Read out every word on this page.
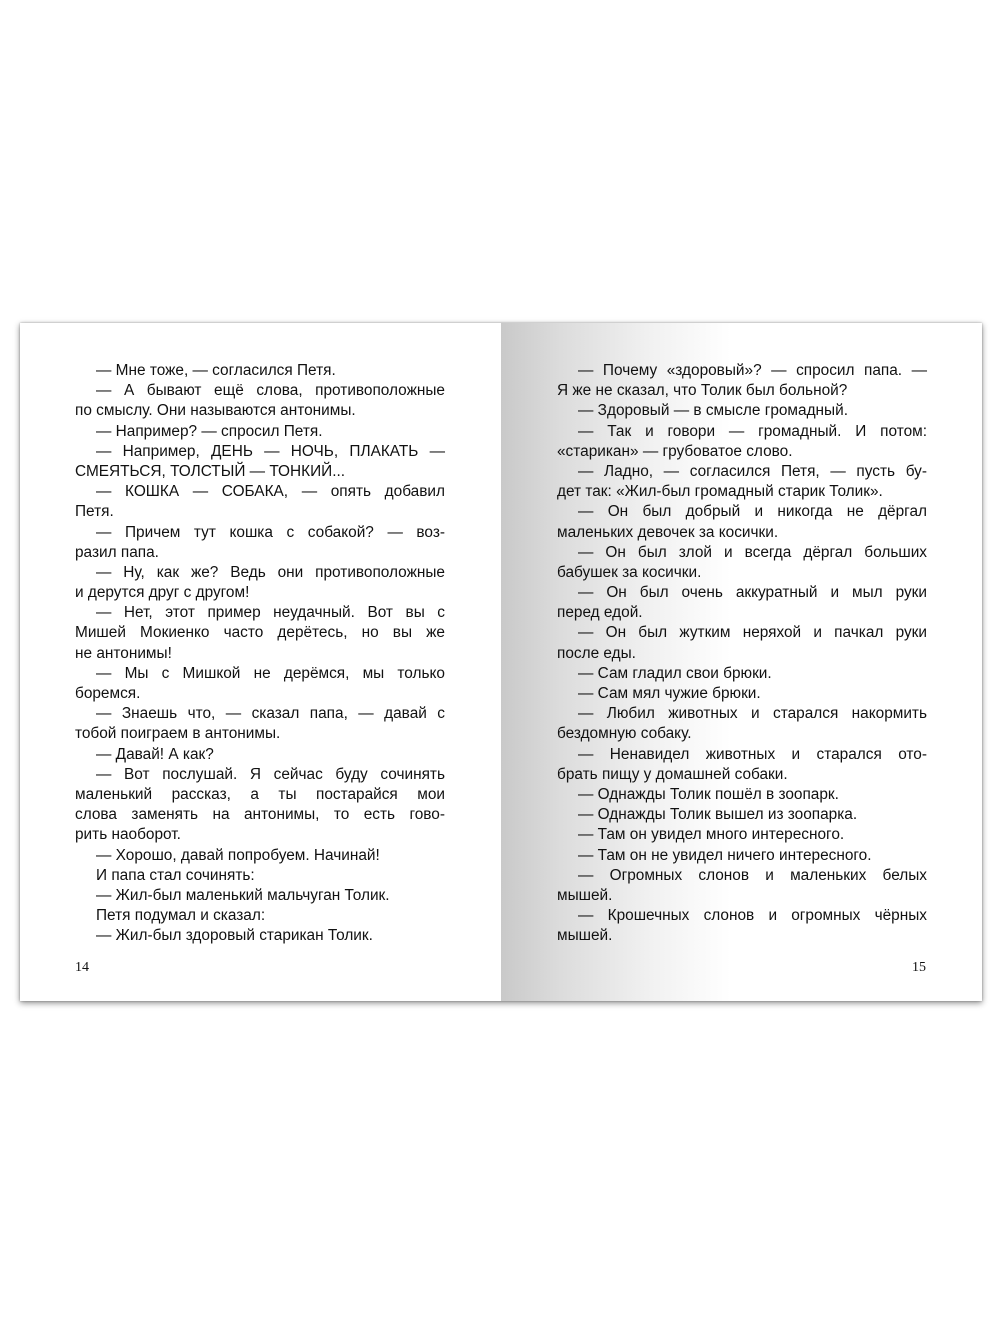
— Мне тоже, — согласился Петя.
— А бывают ещё слова, противоположные
по смыслу. Они называются антонимы.
— Например? — спросил Петя.
— Например, ДЕНЬ — НОЧЬ, ПЛАКАТЬ —
СМЕЯТЬСЯ, ТОЛСТЫЙ — ТОНКИЙ...
— КОШКА — СОБАКА, — опять добавил
Петя.
— Причем тут кошка с собакой? — воз-
разил папа.
— Ну, как же? Ведь они противоположные
и дерутся друг с другом!
— Нет, этот пример неудачный. Вот вы с
Мишей Мокиенко часто дерётесь, но вы же
не антонимы!
— Мы с Мишкой не дерёмся, мы только
боремся.
— Знаешь что, — сказал папа, — давай с
тобой поиграем в антонимы.
— Давай! А как?
— Вот послушай. Я сейчас буду сочинять
маленький рассказ, а ты постарайся мои
слова заменять на антонимы, то есть гово-
рить наоборот.
— Хорошо, давай попробуем. Начинай!
И папа стал сочинять:
— Жил-был маленький мальчуган Толик.
Петя подумал и сказал:
— Жил-был здоровый старикан Толик.
14
— Почему «здоровый»? — спросил папа. —
Я же не сказал, что Толик был больной?
— Здоровый — в смысле громадный.
— Так и говори — громадный. И потом:
«старикан» — грубоватое слово.
— Ладно, — согласился Петя, — пусть бу-
дет так: «Жил-был громадный старик Толик».
— Он был добрый и никогда не дёргал
маленьких девочек за косички.
— Он был злой и всегда дёргал больших
бабушек за косички.
— Он был очень аккуратный и мыл руки
перед едой.
— Он был жутким неряхой и пачкал руки
после еды.
— Сам гладил свои брюки.
— Сам мял чужие брюки.
— Любил животных и старался накормить
бездомную собаку.
— Ненавидел животных и старался ото-
брать пищу у домашней собаки.
— Однажды Толик пошёл в зоопарк.
— Однажды Толик вышел из зоопарка.
— Там он увидел много интересного.
— Там он не увидел ничего интересного.
— Огромных слонов и маленьких белых
мышей.
— Крошечных слонов и огромных чёрных
мышей.
15
